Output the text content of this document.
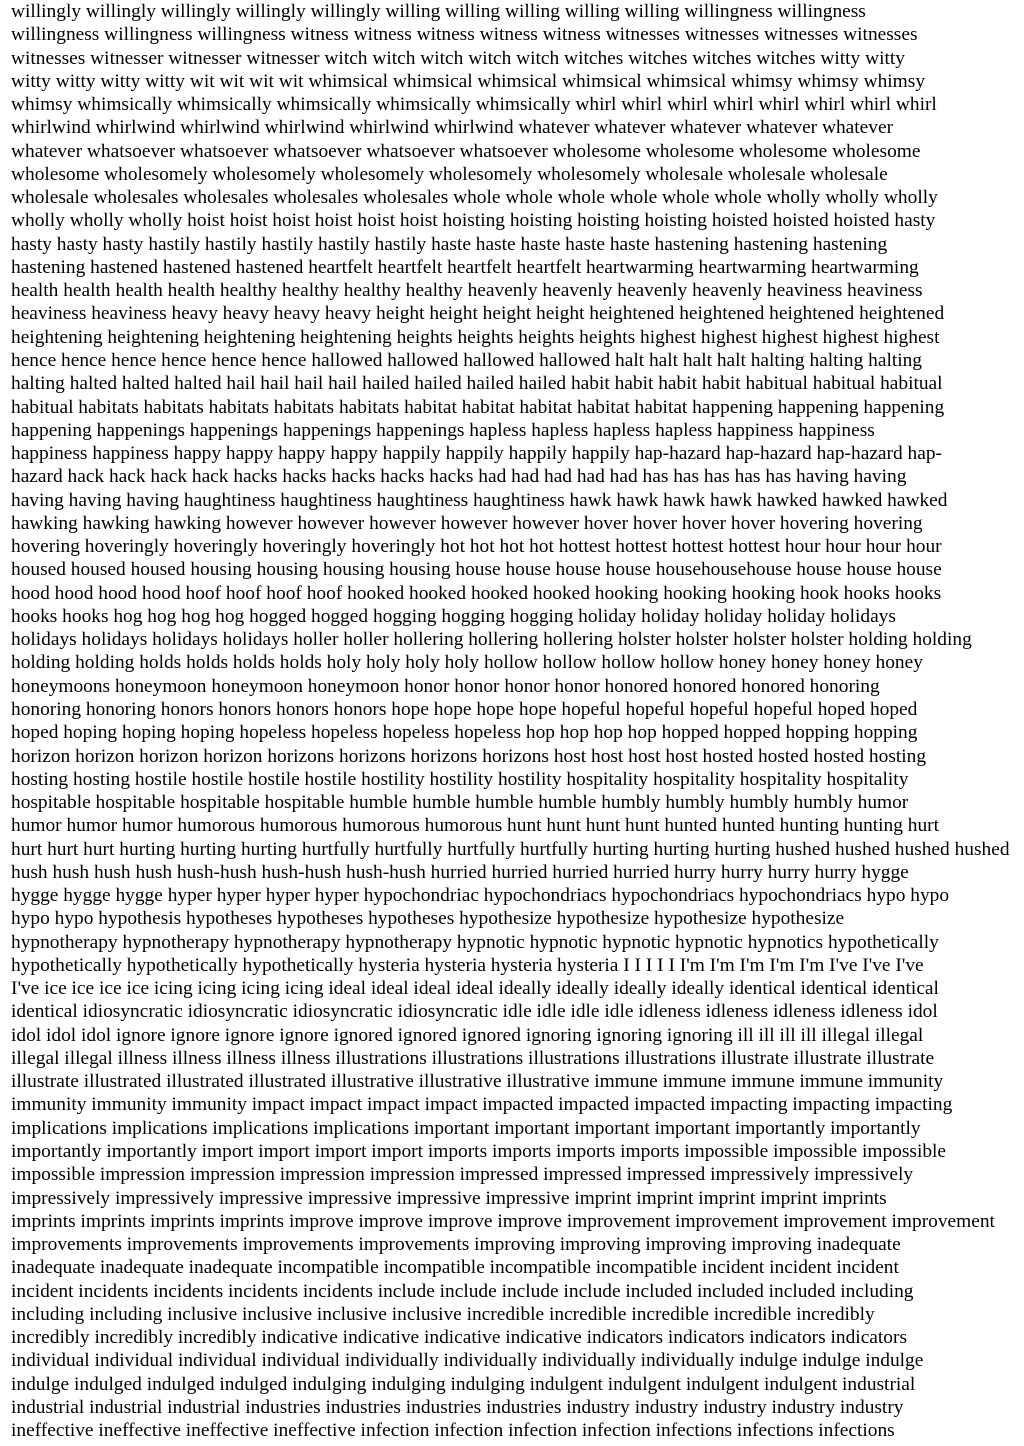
willingly willingly willingly willingly willingly willing willing willing willing willing willingness willingness
willingness willingness willingness witness witness witness witness witness witnesses witnesses witnesses witnesses
witnesses witnesser witnesser witnesser witch witch witch witch witch witches witches witches witches witty witty
witty witty witty witty wit wit wit wit whimsical whimsical whimsical whimsical whimsical whimsy whimsy whimsy
whimsy whimsically whimsically whimsically whimsically whimsically whirl whirl whirl whirl whirl whirl whirl whirl
whirlwind whirlwind whirlwind whirlwind whirlwind whirlwind whatever whatever whatever whatever whatever
whatever whatsoever whatsoever whatsoever whatsoever whatsoever wholesome wholesome wholesome wholesome
wholesome wholesomely wholesomely wholesomely wholesomely wholesomely wholesale wholesale wholesale
wholesale wholesales wholesales wholesales wholesales whole whole whole whole whole whole wholly wholly wholly
wholly wholly wholly hoist hoist hoist hoist hoist hoist hoisting hoisting hoisting hoisting hoisted hoisted hoisted hasty
hasty hasty hasty hastily hastily hastily hastily hastily haste haste haste haste haste hastening hastening hastening
hastening hastened hastened hastened heartfelt heartfelt heartfelt heartfelt heartwarming heartwarming heartwarming
health health health health healthy healthy healthy healthy heavenly heavenly heavenly heavenly heaviness heaviness
heaviness heaviness heavy heavy heavy heavy height height height height heightened heightened heightened heightened
heightening heightening heightening heightening heights heights heights heights highest highest highest highest highest
hence hence hence hence hence hence hallowed hallowed hallowed hallowed halt halt halt halt halting halting halting
halting halted halted halted hail hail hail hail hailed hailed hailed hailed habit habit habit habit habitual habitual habitual
habitual habitats habitats habitats habitats habitats habitat habitat habitat habitat habitat happening happening happening
happening happenings happenings happenings happenings hapless hapless hapless hapless happiness happiness
happiness happiness happy happy happy happy happily happily happily happily hap-hazard hap-hazard hap-hazard hap-
hazard hack hack hack hack hacks hacks hacks hacks hacks had had had had had has has has has has having having
having having having haughtiness haughtiness haughtiness haughtiness hawk hawk hawk hawk hawked hawked hawked
hawking hawking hawking however however however however however hover hover hover hover hovering hovering
hovering hoveringly hoveringly hoveringly hoveringly hot hot hot hot hottest hottest hottest hottest hour hour hour hour
housed housed housed housing housing housing housing house house house house househousehouse house house house
hood hood hood hood hoof hoof hoof hoof hooked hooked hooked hooked hooking hooking hooking hook hooks hooks
hooks hooks hog hog hog hog hogged hogged hogging hogging hogging holiday holiday holiday holiday holidays
holidays holidays holidays holidays holler holler hollering hollering hollering holster holster holster holster holding holding
holding holding holds holds holds holds holy holy holy holy hollow hollow hollow hollow honey honey honey honey
honeymoons honeymoon honeymoon honeymoon honor honor honor honor honored honored honored honoring
honoring honoring honors honors honors honors hope hope hope hope hopeful hopeful hopeful hopeful hoped hoped
hoped hoping hoping hoping hopeless hopeless hopeless hopeless hop hop hop hop hopped hopped hopping hopping
horizon horizon horizon horizon horizons horizons horizons horizons host host host host hosted hosted hosted hosting
hosting hosting hostile hostile hostile hostile hostility hostility hostility hospitality hospitality hospitality hospitality
hospitable hospitable hospitable hospitable humble humble humble humble humbly humbly humbly humbly humor
humor humor humor humorous humorous humorous humorous hunt hunt hunt hunt hunted hunted hunting hunting hurt
hurt hurt hurt hurting hurting hurting hurtfully hurtfully hurtfully hurtfully hurting hurting hurting hushed hushed hushed hushed
hush hush hush hush hush-hush hush-hush hush-hush hurried hurried hurried hurried hurry hurry hurry hurry hygge
hygge hygge hygge hyper hyper hyper hyper hypochondriac hypochondriacs hypochondriacs hypochondriacs hypo hypo
hypo hypo hypothesis hypotheses hypotheses hypotheses hypothesize hypothesize hypothesize hypothesize
hypnotherapy hypnotherapy hypnotherapy hypnotherapy hypnotic hypnotic hypnotic hypnotic hypnotics hypothetically
hypothetically hypothetically hypothetically hysteria hysteria hysteria hysteria I I I I I I'm I'm I'm I'm I'm I've I've I've
I've ice ice ice ice icing icing icing icing ideal ideal ideal ideal ideally ideally ideally ideally identical identical identical
identical idiosyncratic idiosyncratic idiosyncratic idiosyncratic idle idle idle idle idleness idleness idleness idleness idol
idol idol idol ignore ignore ignore ignore ignored ignored ignored ignoring ignoring ignoring ill ill ill ill illegal illegal
illegal illegal illness illness illness illness illustrations illustrations illustrations illustrations illustrate illustrate illustrate
illustrate illustrated illustrated illustrated illustrative illustrative illustrative immune immune immune immune immunity
immunity immunity immunity impact impact impact impact impacted impacted impacted impacting impacting impacting
implications implications implications implications important important important important importantly importantly
importantly importantly import import import import imports imports imports imports impossible impossible impossible
impossible impression impression impression impression impressed impressed impressed impressively impressively
impressively impressively impressive impressive impressive impressive imprint imprint imprint imprint imprints
imprints imprints imprints imprints improve improve improve improve improvement improvement improvement improvement
improvements improvements improvements improvements improving improving improving improving inadequate
inadequate inadequate inadequate incompatible incompatible incompatible incompatible incident incident incident
incident incidents incidents incidents incidents include include include include included included included including
including including inclusive inclusive inclusive inclusive incredible incredible incredible incredible incredibly
incredibly incredibly incredibly indicative indicative indicative indicative indicators indicators indicators indicators
individual individual individual individual individually individually individually individually indulge indulge indulge
indulge indulged indulged indulged indulging indulging indulging indulgent indulgent indulgent indulgent industrial
industrial industrial industrial industries industries industries industries industry industry industry industry industry
ineffective ineffective ineffective ineffective infection infection infection infection infections infections infections
